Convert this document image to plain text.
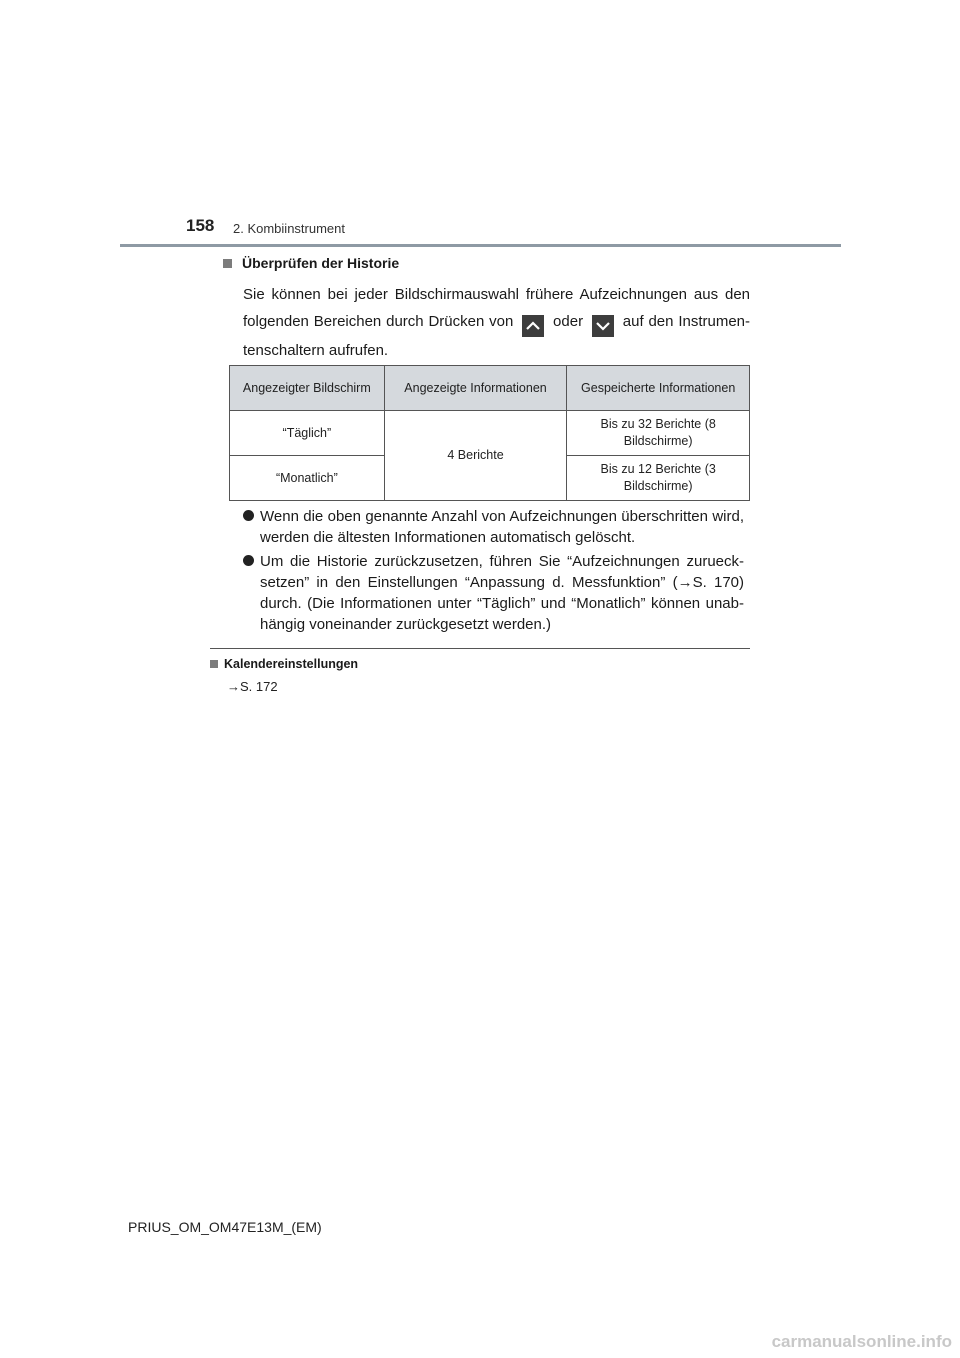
158 2. Kombiinstrument
Überprüfen der Historie
Sie können bei jeder Bildschirmauswahl frühere Aufzeichnungen aus den folgenden Bereichen durch Drücken von	oder	auf den Instrumentenschaltern aufrufen.
Angezeigter Bildschirm	Angezeigte Informationen	Gespeicherte Informationen
“Täglich”	4 Berichte	Bis zu 32 Berichte (8 Bildschirme)
“Monatlich”		Bis zu 12 Berichte (3 Bildschirme)
Wenn die oben genannte Anzahl von Aufzeichnungen überschritten wird, werden die ältesten Informationen automatisch gelöscht.
Um die Historie zurückzusetzen, führen Sie “Aufzeichnungen zuruecksetzen” in den Einstellungen “Anpassung d. Messfunktion” (→S. 170) durch. (Die Informationen unter “Täglich” und “Monatlich” können unabhängig voneinander zurückgesetzt werden.)
Kalendereinstellungen
→S. 172
PRIUS_OM_OM47E13M_(EM)
carmanualsonline.info
